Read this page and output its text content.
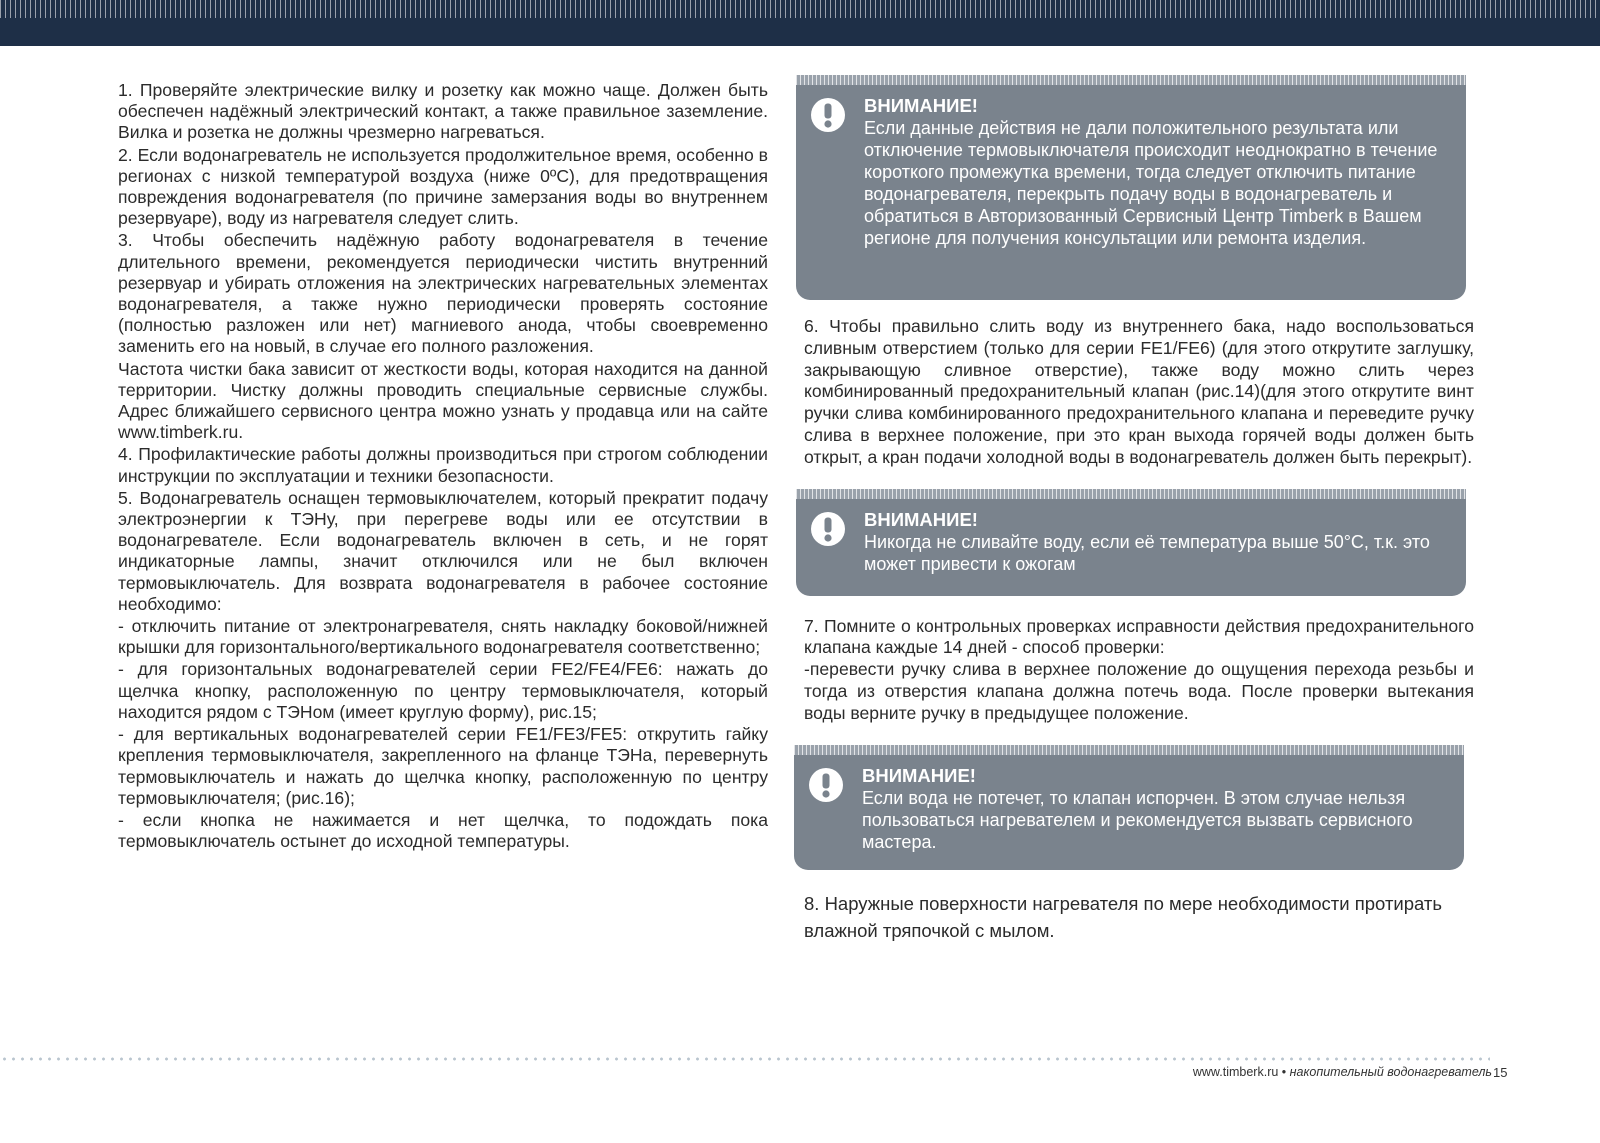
1. Проверяйте электрические вилку и розетку как можно чаще. Должен быть обеспечен надёжный электрический контакт, а также правильное заземление. Вилка и розетка не должны чрезмерно нагреваться.

2. Если водонагреватель не используется продолжительное время, особенно в регионах с низкой температурой воздуха (ниже 0ºС), для предотвращения повреждения водонагревателя (по причине замерзания воды во внутреннем резервуаре), воду из нагревателя следует слить.

3. Чтобы обеспечить надёжную работу водонагревателя в течение длительного времени, рекомендуется периодически чистить внутренний резервуар и убирать отложения на электрических нагревательных элементах водонагревателя, а также нужно периодически проверять состояние (полностью разложен или нет) магниевого анода, чтобы своевременно заменить его на новый, в случае его полного разложения.

Частота чистки бака зависит от жесткости воды, которая находится на данной территории. Чистку должны проводить специальные сервисные службы. Адрес ближайшего сервисного центра можно узнать у продавца или на сайте www.timberk.ru.

4. Профилактические работы должны производиться при строгом соблюдении инструкции по эксплуатации и техники безопасности.

5. Водонагреватель оснащен термовыключателем, который прекратит подачу электроэнергии к ТЭНу, при перегреве воды или ее отсутствии в водонагревателе. Если водонагреватель включен в сеть, и не горят индикаторные лампы, значит отключился или не был включен термовыключатель. Для возврата водонагревателя в рабочее состояние необходимо:

- отключить питание от электронагревателя, снять накладку боковой/нижней крышки для горизонтального/вертикального водонагревателя соответственно;

- для горизонтальных водонагревателей серии FE2/FE4/FE6: нажать до щелчка кнопку, расположенную по центру термовыключателя, который находится рядом с ТЭНом (имеет круглую форму), рис.15;

- для вертикальных водонагревателей серии FE1/FE3/FE5: открутить гайку крепления термовыключателя, закрепленного на фланце ТЭНа, перевернуть термовыключатель и нажать до щелчка кнопку, расположенную по центру термовыключателя; (рис.16);

- если кнопка не нажимается и нет щелчка, то подождать пока термовыключатель остынет до исходной температуры.

ВНИМАНИЕ!
Если данные действия не дали положительного результата или отключение термовыключателя происходит неоднократно в течение короткого промежутка времени, тогда следует отключить питание водонагревателя, перекрыть подачу воды в водонагреватель и обратиться в Авторизованный Сервисный Центр Timberk в Вашем регионе для получения консультации или ремонта изделия.

6. Чтобы правильно слить воду из внутреннего бака, надо воспользоваться сливным отверстием (только для серии FE1/FE6) (для этого открутите заглушку, закрывающую сливное отверстие), также воду можно слить через комбинированный предохранительный клапан (рис.14)(для этого открутите винт ручки слива комбинированного предохранительного клапана и переведите ручку слива в верхнее положение, при это кран выхода горячей воды должен быть открыт, а кран подачи холодной воды в водонагреватель должен быть перекрыт).

ВНИМАНИЕ!
Никогда не сливайте воду, если её температура выше 50°С, т.к. это может привести к ожогам

7. Помните о контрольных проверках исправности действия предохранительного клапана каждые 14 дней - способ проверки:
-перевести ручку слива в верхнее положение до ощущения перехода резьбы и тогда из отверстия клапана должна потечь вода. После проверки вытекания воды верните ручку в предыдущее положение.

ВНИМАНИЕ!
Если вода не потечет, то клапан испорчен. В этом случае нельзя пользоваться нагревателем и рекомендуется вызвать сервисного мастера.

8. Наружные поверхности нагревателя по мере необходимости протирать влажной тряпочкой с мылом.

www.timberk.ru • накопительный водонагреватель 15
